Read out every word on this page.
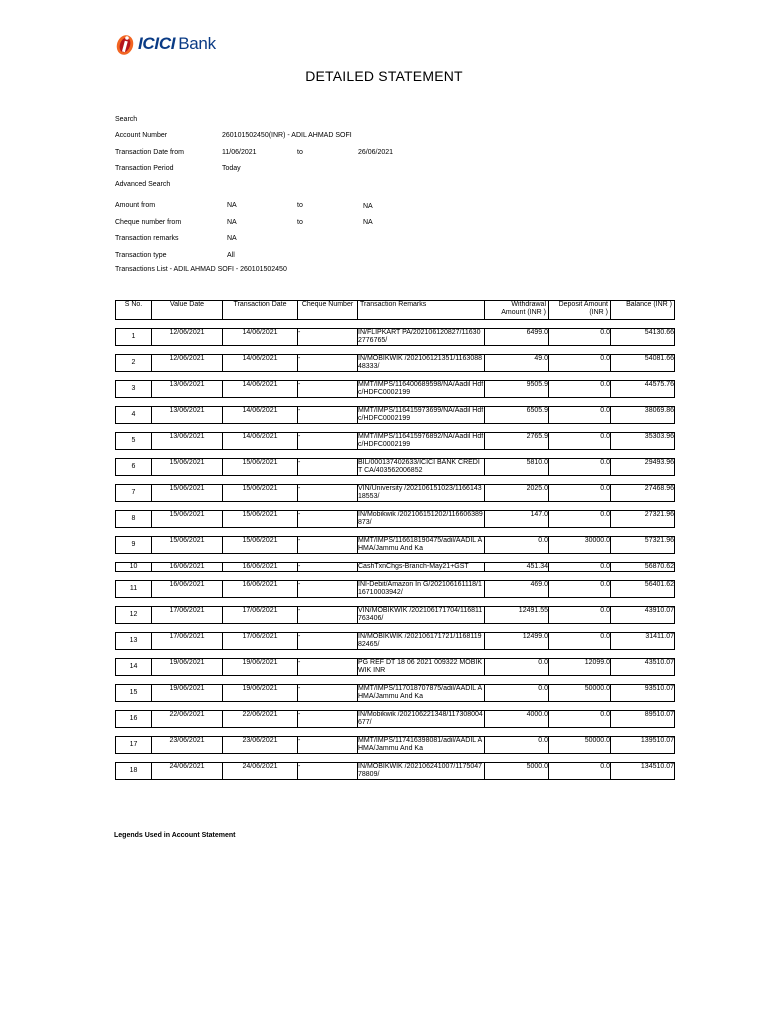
ICICI Bank
DETAILED STATEMENT
Search
Account Number	260101502450(INR) - ADIL AHMAD SOFI
Transaction Date from	11/06/2021	to	26/06/2021
Transaction Period	Today
Advanced Search
Amount from	NA	to	NA
Cheque number from	NA	to	NA
Transaction remarks	NA
Transaction type	All
Transactions List - ADIL AHMAD SOFI - 260101502450
S No.	Value Date	Transaction Date	Cheque Number	Transaction Remarks	Withdrawal Amount (INR )	Deposit Amount (INR )	Balance (INR )

1	12/06/2021	14/06/2021	-	IN/FLIPKART PA/202106120827/116302776765/	6499.0	0.0	54130.66

2	12/06/2021	14/06/2021	-	IN/MOBIKWIK /202106121351/116308848333/	49.0	0.0	54081.66

3	13/06/2021	14/06/2021	-	MMT/IMPS/116400689598/NA/Aadil Hdfc/HDFC0002199	9505.9	0.0	44575.76

4	13/06/2021	14/06/2021	-	MMT/IMPS/116415973699/NA/Aadil Hdfc/HDFC0002199	6505.9	0.0	38069.86

5	13/06/2021	14/06/2021	-	MMT/IMPS/116415976892/NA/Aadil Hdfc/HDFC0002199	2765.9	0.0	35303.96

6	15/06/2021	15/06/2021	-	BIL/000137402633/ICICI BANK CREDIT CA/403562006852	5810.0	0.0	29493.96

7	15/06/2021	15/06/2021	-	VIN/University /202106151023/116614318553/	2025.0	0.0	27468.96

8	15/06/2021	15/06/2021	-	IN/Mobikwik /202106151202/116606389873/	147.0	0.0	27321.96

9	15/06/2021	15/06/2021	-	MMT/IMPS/116618190475/adil/AADIL AHMA/Jammu And Ka	0.0	30000.0	57321.96

10	16/06/2021	16/06/2021	-	CashTxnChgs-Branch-May21+GST	451.34	0.0	56870.62

11	16/06/2021	16/06/2021	-	INI-Debit/Amazon In G/202106161118/116710003942/	469.0	0.0	56401.62

12	17/06/2021	17/06/2021	-	VIN/MOBIKWIK /202106171704/116811763406/	12491.55	0.0	43910.07

13	17/06/2021	17/06/2021	-	IN/MOBIKWIK /202106171721/116811982465/	12499.0	0.0	31411.07

14	19/06/2021	19/06/2021	-	PG REF DT 18 06 2021 009322 MOBIKWIK INR	0.0	12099.0	43510.07

15	19/06/2021	19/06/2021	-	MMT/IMPS/117018707875/adil/AADIL AHMA/Jammu And Ka	0.0	50000.0	93510.07

16	22/06/2021	22/06/2021	-	IN/Mobikwik /202106221348/117308004677/	4000.0	0.0	89510.07

17	23/06/2021	23/06/2021	-	MMT/IMPS/117416398081/adil/AADIL AHMA/Jammu And Ka	0.0	50000.0	139510.07

18	24/06/2021	24/06/2021	-	IN/MOBIKWIK /202106241007/117504778809/	5000.0	0.0	134510.07
Legends Used in Account Statement
